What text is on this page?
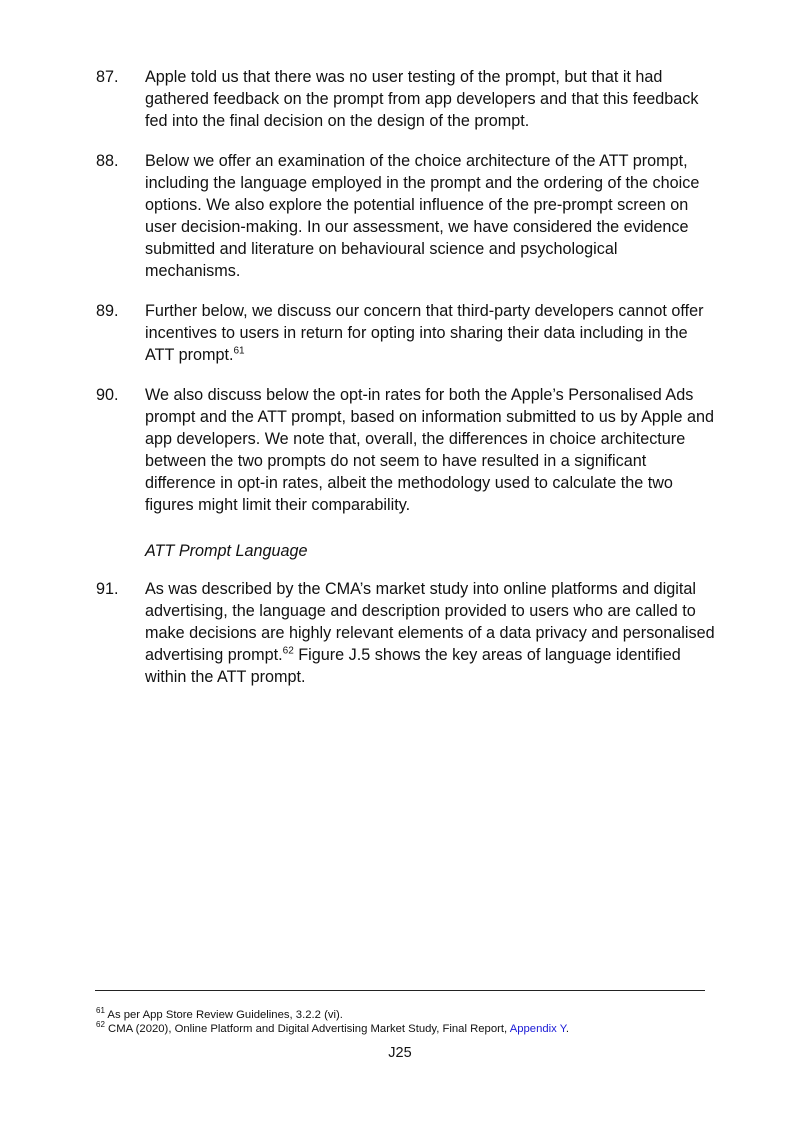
87.	Apple told us that there was no user testing of the prompt, but that it had gathered feedback on the prompt from app developers and that this feedback fed into the final decision on the design of the prompt.
88.	Below we offer an examination of the choice architecture of the ATT prompt, including the language employed in the prompt and the ordering of the choice options. We also explore the potential influence of the pre-prompt screen on user decision-making. In our assessment, we have considered the evidence submitted and literature on behavioural science and psychological mechanisms.
89.	Further below, we discuss our concern that third-party developers cannot offer incentives to users in return for opting into sharing their data including in the ATT prompt.$^{61}$
90.	We also discuss below the opt-in rates for both the Apple’s Personalised Ads prompt and the ATT prompt, based on information submitted to us by Apple and app developers. We note that, overall, the differences in choice architecture between the two prompts do not seem to have resulted in a significant difference in opt-in rates, albeit the methodology used to calculate the two figures might limit their comparability.
ATT Prompt Language
91.	As was described by the CMA’s market study into online platforms and digital advertising, the language and description provided to users who are called to make decisions are highly relevant elements of a data privacy and personalised advertising prompt.$^{62}$ Figure J.5 shows the key areas of language identified within the ATT prompt.
$^{61}$ As per App Store Review Guidelines, 3.2.2 (vi).
$^{62}$ CMA (2020), Online Platform and Digital Advertising Market Study, Final Report, Appendix Y.
J25
